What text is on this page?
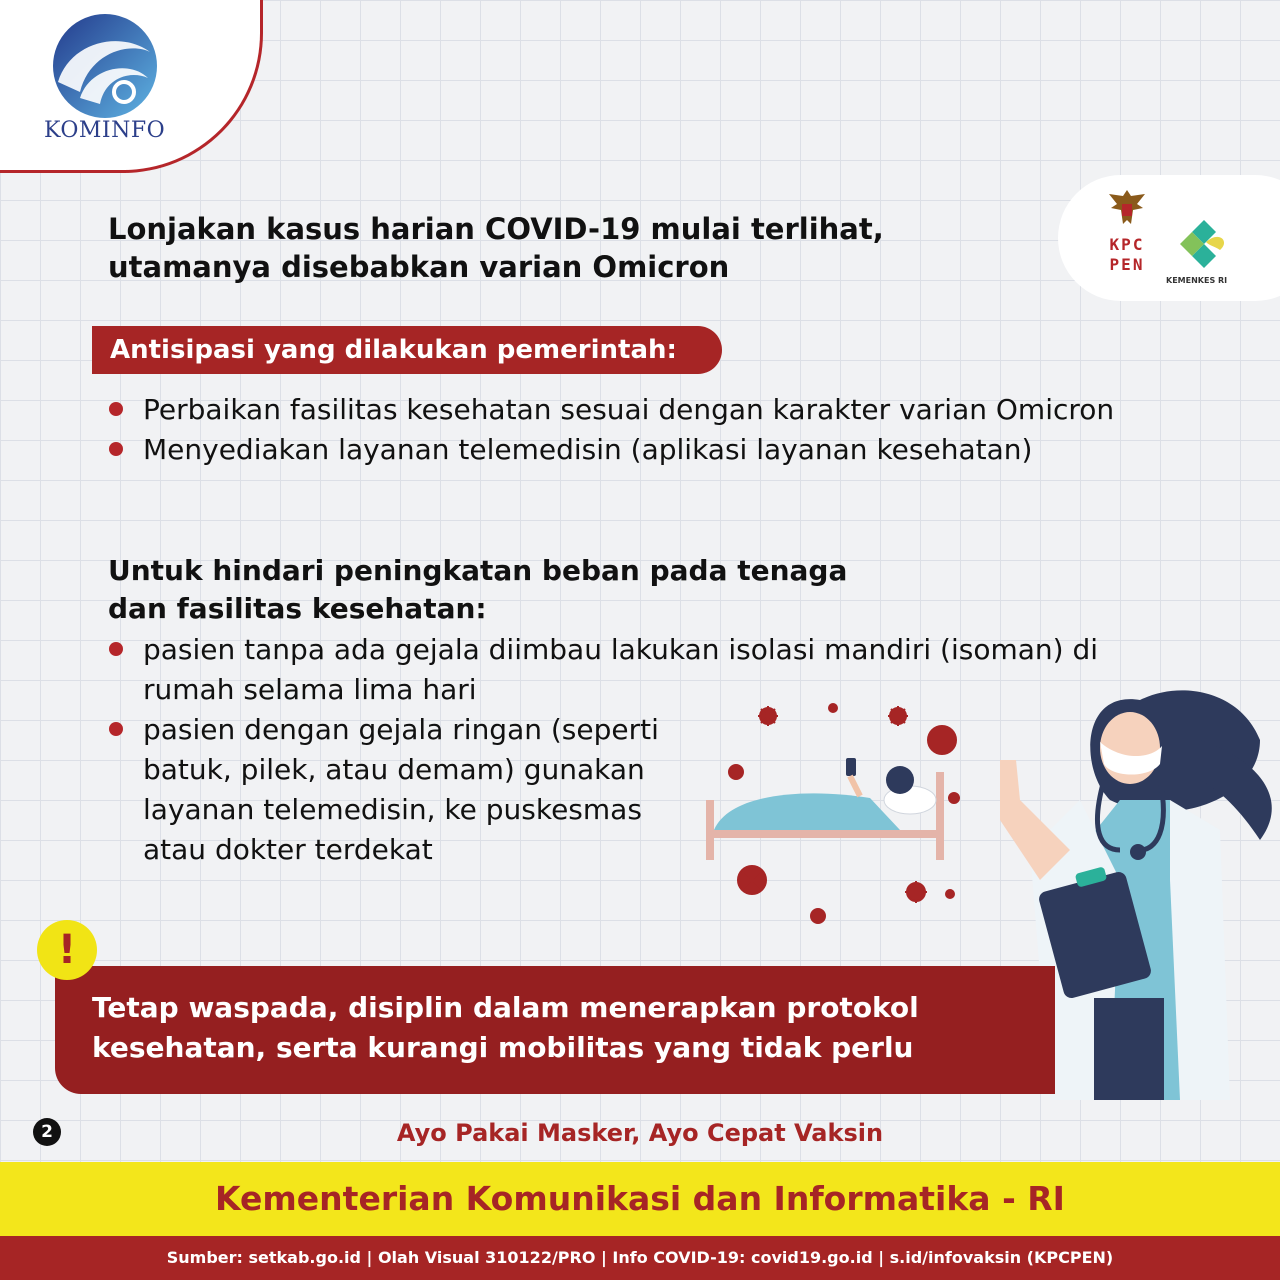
KOMINFO
KPC PEN
KEMENKES RI
Lonjakan kasus harian COVID-19 mulai terlihat, utamanya disebabkan varian Omicron
Antisipasi yang dilakukan pemerintah:
Perbaikan fasilitas kesehatan sesuai dengan karakter varian Omicron
Menyediakan layanan telemedisin (aplikasi layanan kesehatan)
Untuk hindari peningkatan beban pada tenaga dan fasilitas kesehatan:
pasien tanpa ada gejala diimbau lakukan isolasi mandiri (isoman) di rumah selama lima hari
pasien dengan gejala ringan (seperti batuk, pilek, atau demam) gunakan layanan telemedisin, ke puskesmas atau dokter terdekat
Tetap waspada, disiplin dalam menerapkan protokol kesehatan, serta kurangi mobilitas yang tidak perlu
!
2	Ayo Pakai Masker, Ayo Cepat Vaksin
Kementerian Komunikasi dan Informatika - RI
Sumber: setkab.go.id | Olah Visual 310122/PRO | Info COVID-19: covid19.go.id | s.id/infovaksin (KPCPEN)
